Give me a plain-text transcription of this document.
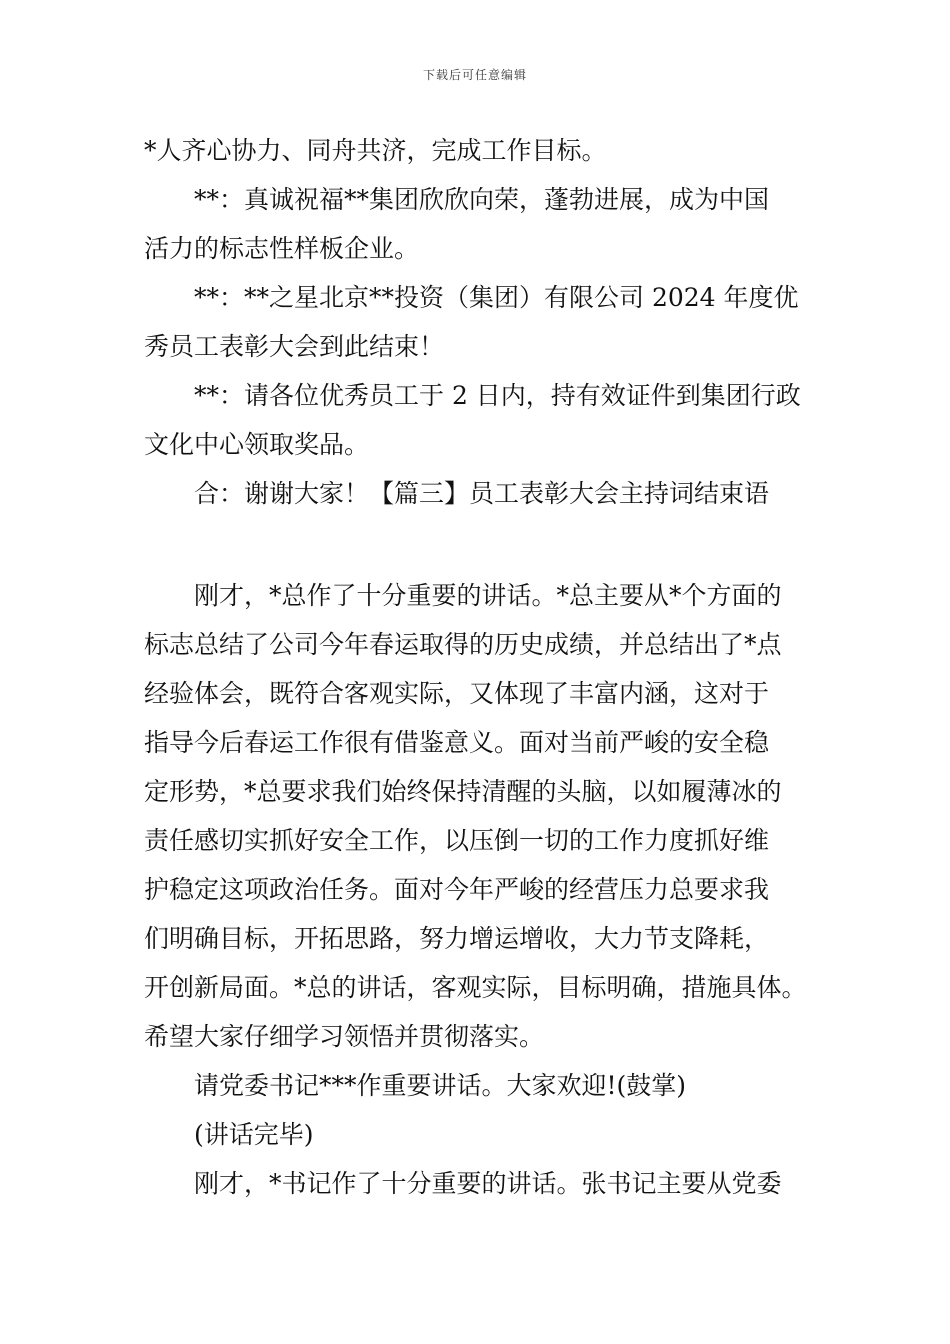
下载后可任意编辑
*人齐心协力、同舟共济，完成工作目标。
**：真诚祝福**集团欣欣向荣，蓬勃进展，成为中国
活力的标志性样板企业。
**：**之星北京**投资（集团）有限公司 2024 年度优
秀员工表彰大会到此结束！
**：请各位优秀员工于 2 日内，持有效证件到集团行政
文化中心领取奖品。
合：谢谢大家！【篇三】员工表彰大会主持词结束语
刚才，*总作了十分重要的讲话。*总主要从*个方面的
标志总结了公司今年春运取得的历史成绩，并总结出了*点
经验体会，既符合客观实际，又体现了丰富内涵，这对于
指导今后春运工作很有借鉴意义。面对当前严峻的安全稳
定形势，*总要求我们始终保持清醒的头脑，以如履薄冰的
责任感切实抓好安全工作，以压倒一切的工作力度抓好维
护稳定这项政治任务。面对今年严峻的经营压力总要求我
们明确目标，开拓思路，努力增运增收，大力节支降耗，
开创新局面。*总的讲话，客观实际，目标明确，措施具体。
希望大家仔细学习领悟并贯彻落实。
请党委书记***作重要讲话。大家欢迎!(鼓掌)
(讲话完毕)
刚才，*书记作了十分重要的讲话。张书记主要从党委
